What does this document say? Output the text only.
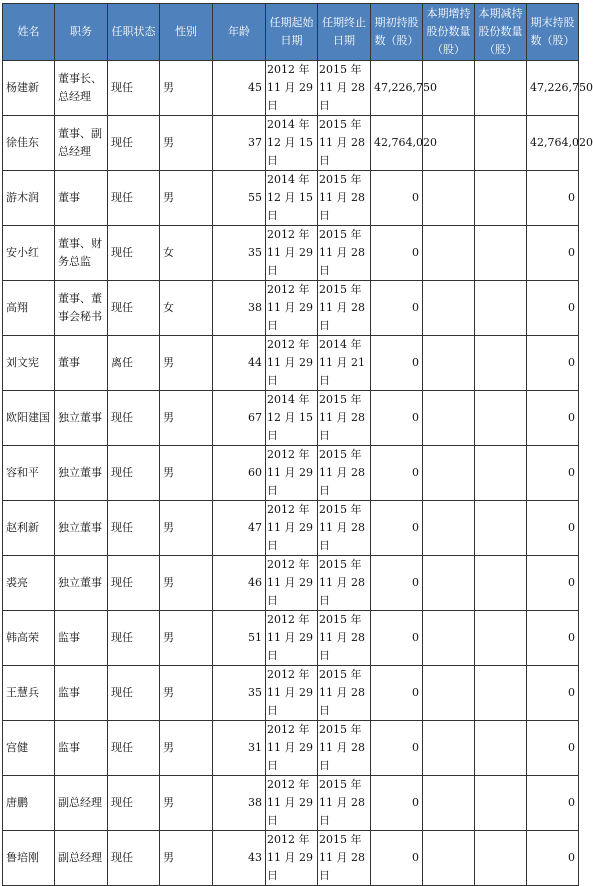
姓名	职务	任职状态	性别	年龄	任期起始日期	任期终止日期	期初持股数（股）	本期增持股份数量（股）	本期减持股份数量（股）	期末持股数（股）
杨建新	董事长、总经理	现任	男	45	2012 年 11 月 29 日	2015 年 11 月 28 日	47,226,750			47,226,750
徐佳东	董事、副总经理	现任	男	37	2014 年 12 月 15 日	2015 年 11 月 28 日	42,764,020			42,764,020
游木润	董事	现任	男	55	2014 年 12 月 15 日	2015 年 11 月 28 日	0			0
安小红	董事、财务总监	现任	女	35	2012 年 11 月 29 日	2015 年 11 月 28 日	0			0
高翔	董事、董事会秘书	现任	女	38	2012 年 11 月 29 日	2015 年 11 月 28 日	0			0
刘文宪	董事	离任	男	44	2012 年 11 月 29 日	2014 年 11 月 21 日	0			0
欧阳建国	独立董事	现任	男	67	2014 年 12 月 15 日	2015 年 11 月 28 日	0			0
容和平	独立董事	现任	男	60	2012 年 11 月 29 日	2015 年 11 月 28 日	0			0
赵利新	独立董事	现任	男	47	2012 年 11 月 29 日	2015 年 11 月 28 日	0			0
裘亮	独立董事	现任	男	46	2012 年 11 月 29 日	2015 年 11 月 28 日	0			0
韩高荣	监事	现任	男	51	2012 年 11 月 29 日	2015 年 11 月 28 日	0			0
王慧兵	监事	现任	男	35	2012 年 11 月 29 日	2015 年 11 月 28 日	0			0
宫健	监事	现任	男	31	2012 年 11 月 29 日	2015 年 11 月 28 日	0			0
唐鹏	副总经理	现任	男	38	2012 年 11 月 29 日	2015 年 11 月 28 日	0			0
鲁培刚	副总经理	现任	男	43	2012 年 11 月 29 日	2015 年 11 月 28 日	0			0
